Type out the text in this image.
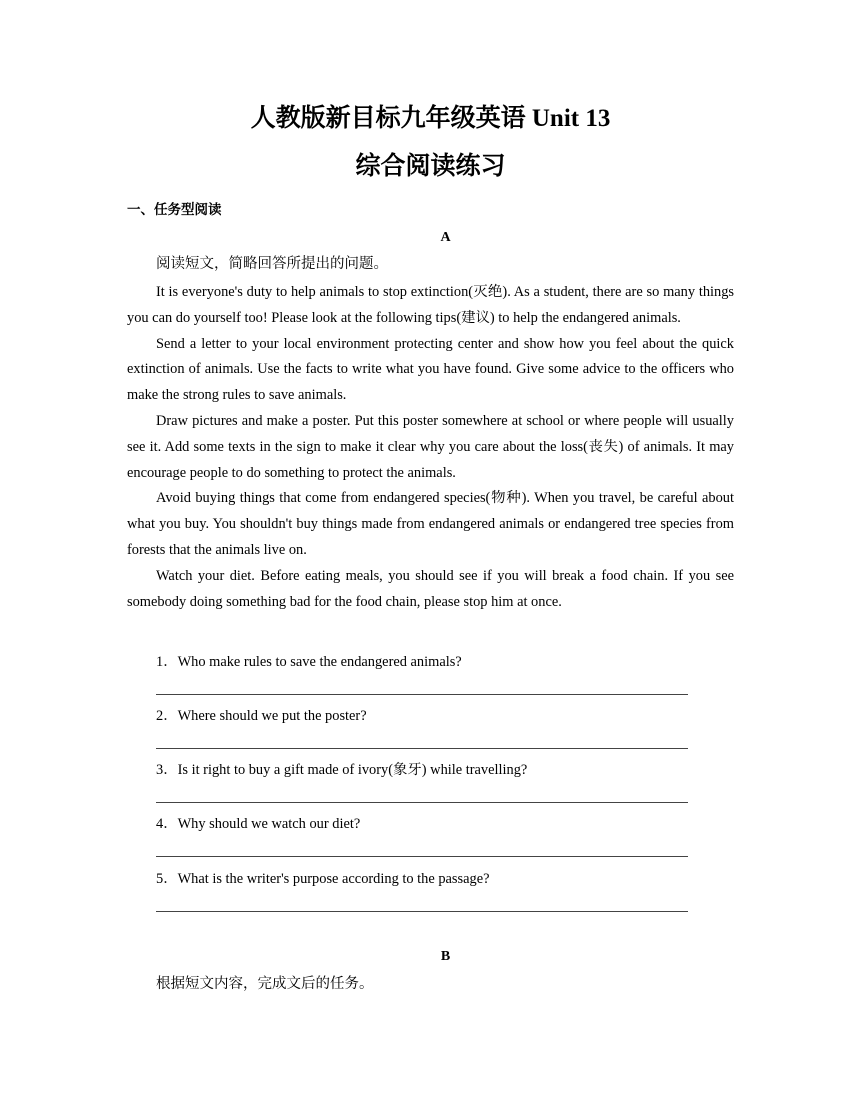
人教版新目标九年级英语 Unit 13
综合阅读练习
一、任务型阅读
A
阅读短文，简略回答所提出的问题。

It is everyone's duty to help animals to stop extinction(灭绝). As a student, there are so many things you can do yourself too! Please look at the following tips(建议) to help the endangered animals.

Send a letter to your local environment protecting center and show how you feel about the quick extinction of animals. Use the facts to write what you have found. Give some advice to the officers who make the strong rules to save animals.

Draw pictures and make a poster. Put this poster somewhere at school or where people will usually see it. Add some texts in the sign to make it clear why you care about the loss(丧失) of animals. It may encourage people to do something to protect the animals.

Avoid buying things that come from endangered species(物种). When you travel, be careful about what you buy. You shouldn't buy things made from endangered animals or endangered tree species from forests that the animals live on.

Watch your diet. Before eating meals, you should see if you will break a food chain. If you see somebody doing something bad for the food chain, please stop him at once.

1．Who make rules to save the endangered animals?
2．Where should we put the poster?
3．Is it right to buy a gift made of ivory(象牙) while travelling?
4．Why should we watch our diet?
5．What is the writer's purpose according to the passage?
B
根据短文内容，完成文后的任务。
